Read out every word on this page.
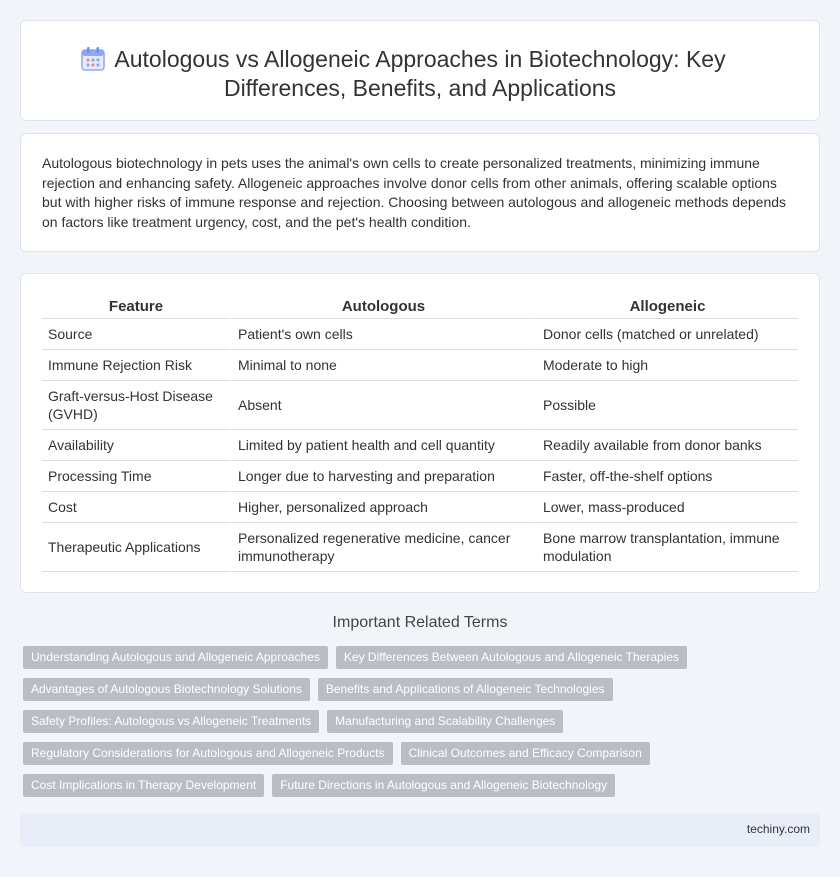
Autologous vs Allogeneic Approaches in Biotechnology: Key Differences, Benefits, and Applications

Autologous biotechnology in pets uses the animal's own cells to create personalized treatments, minimizing immune rejection and enhancing safety. Allogeneic approaches involve donor cells from other animals, offering scalable options but with higher risks of immune response and rejection. Choosing between autologous and allogeneic methods depends on factors like treatment urgency, cost, and the pet's health condition.

Feature	Autologous	Allogeneic
Source	Patient's own cells	Donor cells (matched or unrelated)
Immune Rejection Risk	Minimal to none	Moderate to high
Graft-versus-Host Disease (GVHD)	Absent	Possible
Availability	Limited by patient health and cell quantity	Readily available from donor banks
Processing Time	Longer due to harvesting and preparation	Faster, off-the-shelf options
Cost	Higher, personalized approach	Lower, mass-produced
Therapeutic Applications	Personalized regenerative medicine, cancer immunotherapy	Bone marrow transplantation, immune modulation
Important Related Terms
Understanding Autologous and Allogeneic Approaches	Key Differences Between Autologous and Allogeneic Therapies
Advantages of Autologous Biotechnology Solutions	Benefits and Applications of Allogeneic Technologies
Safety Profiles: Autologous vs Allogeneic Treatments	Manufacturing and Scalability Challenges
Regulatory Considerations for Autologous and Allogeneic Products	Clinical Outcomes and Efficacy Comparison
Cost Implications in Therapy Development	Future Directions in Autologous and Allogeneic Biotechnology
techiny.com
